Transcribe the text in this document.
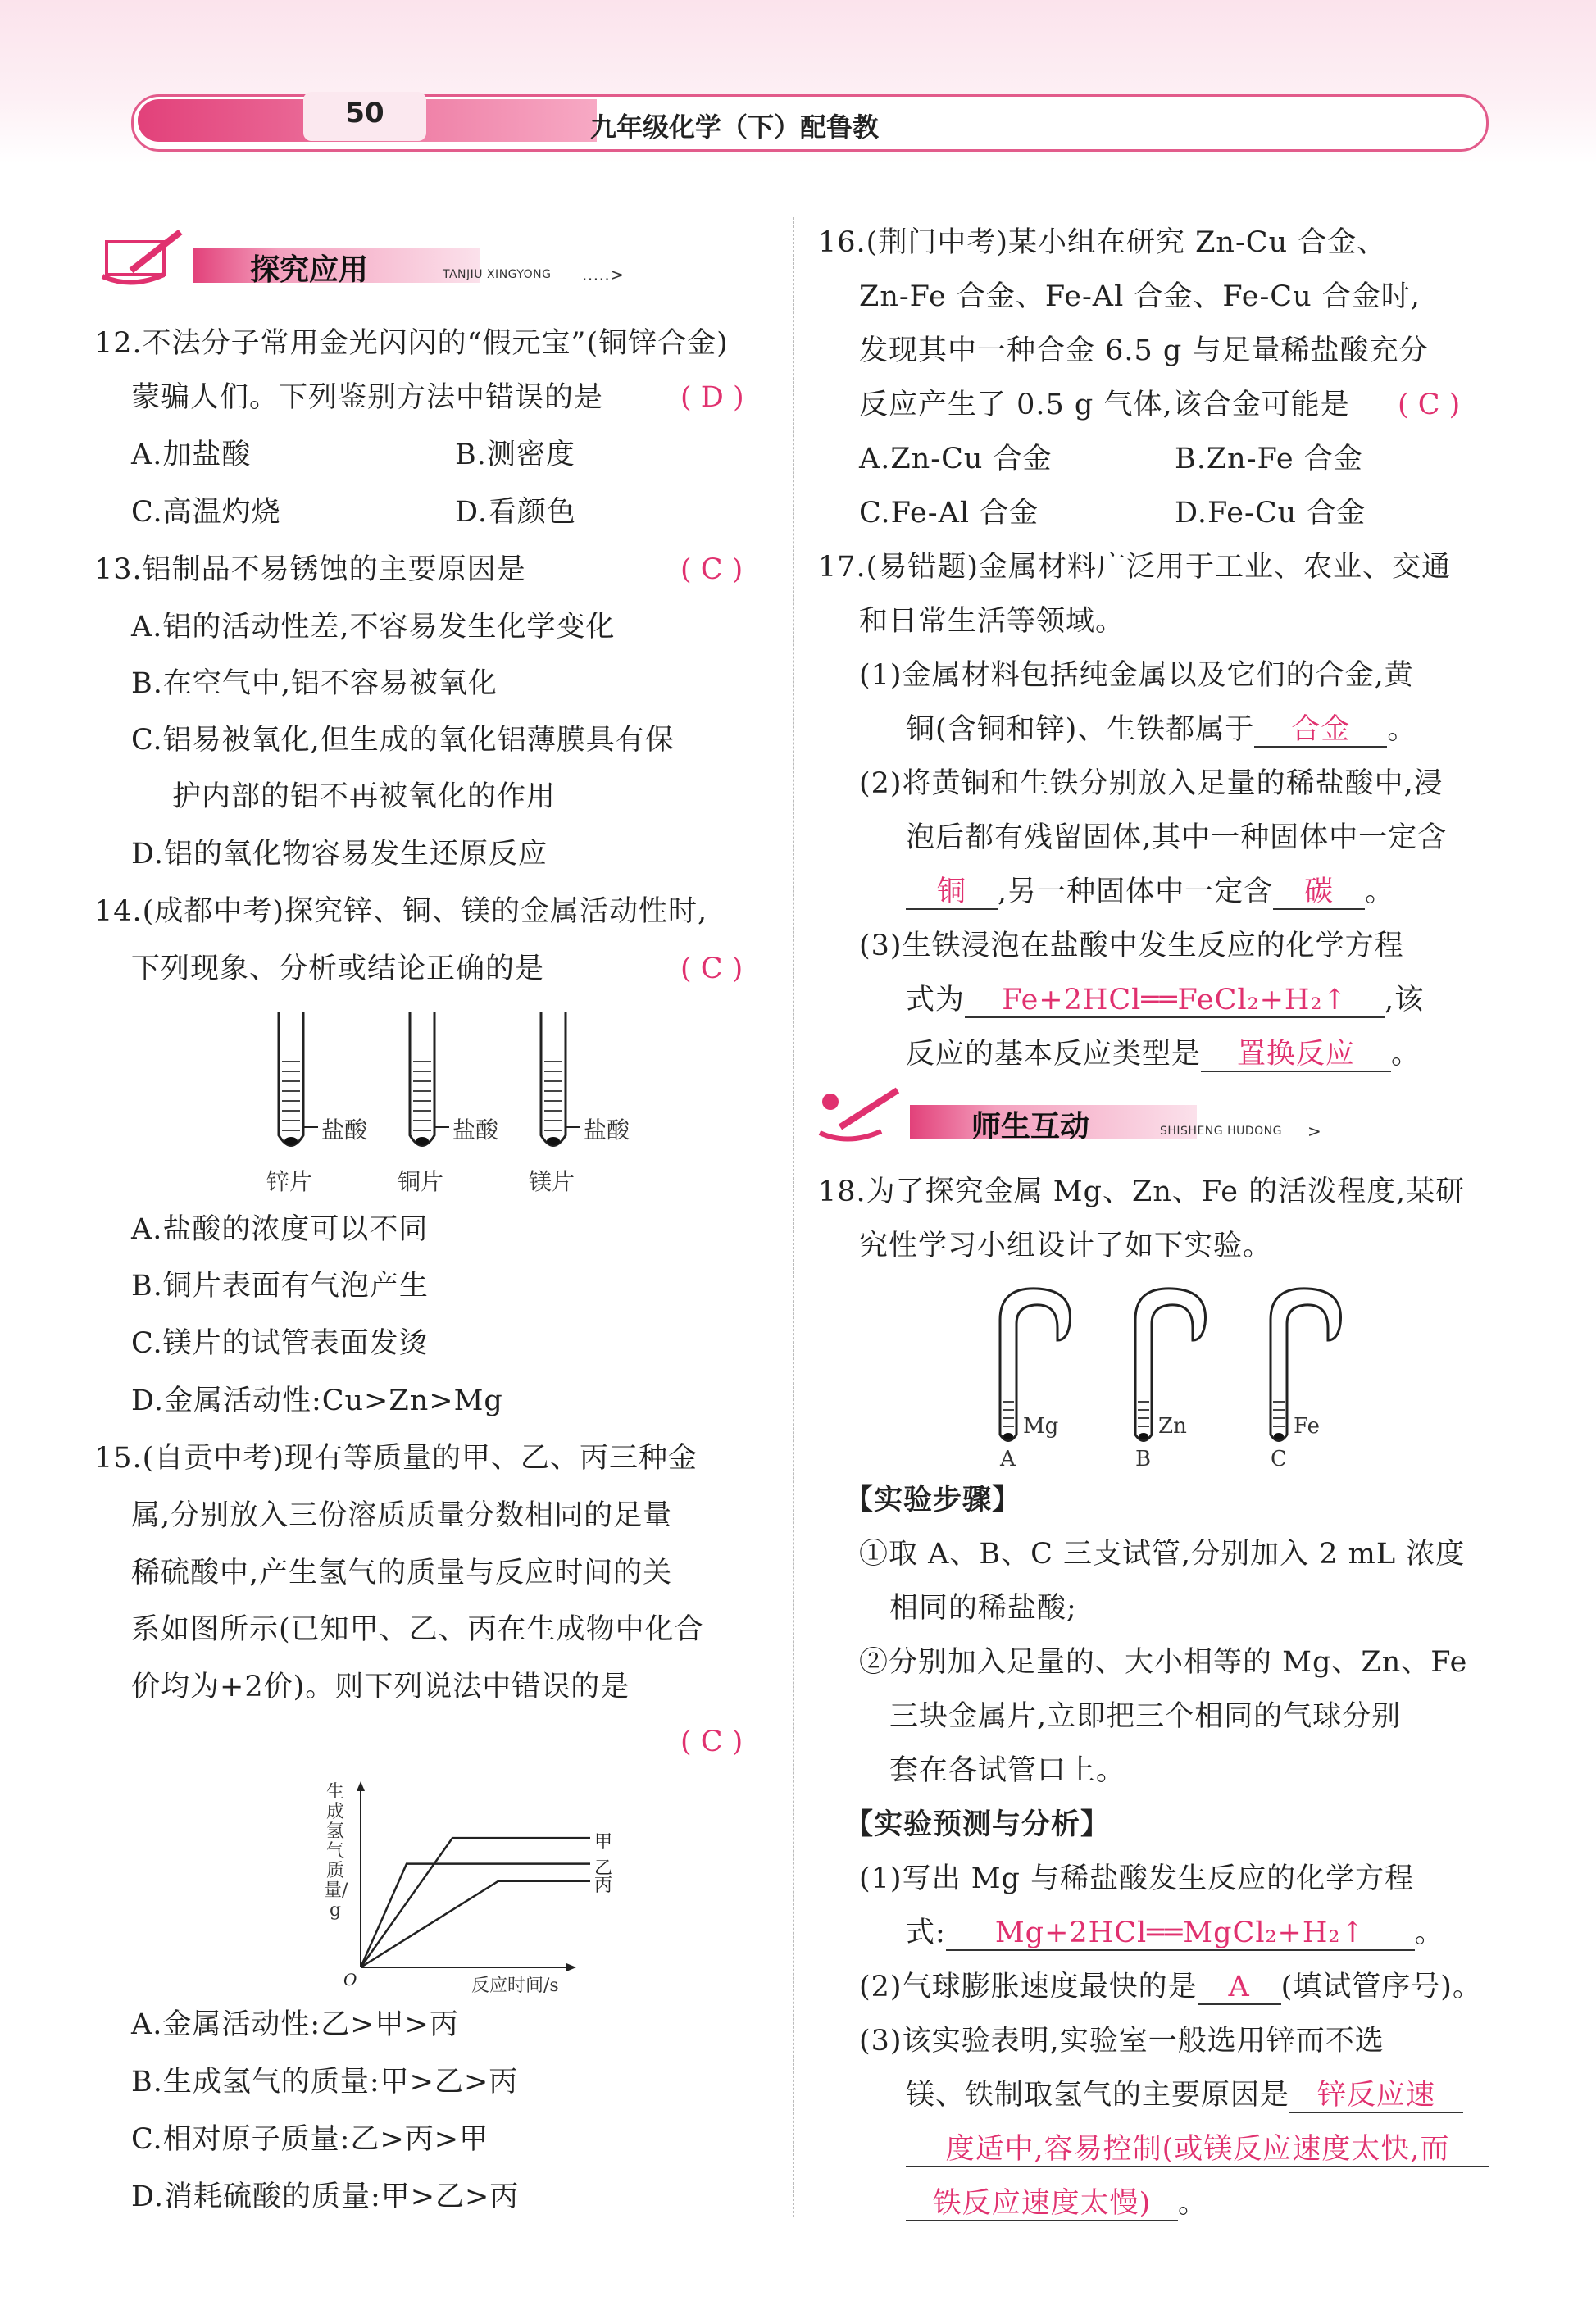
50	九年级化学（下）配鲁教
探究应用	TANJIU XINGYONG .....>
12.不法分子常用金光闪闪的“假元宝”(铜锌合金)
蒙骗人们。下列鉴别方法中错误的是	( D )
A.加盐酸	B.测密度
C.高温灼烧	D.看颜色
13.铝制品不易锈蚀的主要原因是	( C )
A.铝的活动性差,不容易发生化学变化
B.在空气中,铝不容易被氧化
C.铝易被氧化,但生成的氧化铝薄膜具有保
护内部的铝不再被氧化的作用
D.铝的氧化物容易发生还原反应
14.(成都中考)探究锌、铜、镁的金属活动性时,
下列现象、分析或结论正确的是	( C )
盐酸	盐酸	盐酸
锌片	铜片	镁片
A.盐酸的浓度可以不同
B.铜片表面有气泡产生
C.镁片的试管表面发烫
D.金属活动性:Cu>Zn>Mg
15.(自贡中考)现有等质量的甲、乙、丙三种金
属,分别放入三份溶质质量分数相同的足量
稀硫酸中,产生氢气的质量与反应时间的关
系如图所示(已知甲、乙、丙在生成物中化合
价均为+2价)。则下列说法中错误的是
( C )
生成氢气质量/g
O	反应时间/s
甲
乙
丙
A.金属活动性:乙>甲>丙
B.生成氢气的质量:甲>乙>丙
C.相对原子质量:乙>丙>甲
D.消耗硫酸的质量:甲>乙>丙
16.(荆门中考)某小组在研究 Zn-Cu 合金、
Zn-Fe 合金、Fe-Al 合金、Fe-Cu 合金时,
发现其中一种合金 6.5 g 与足量稀盐酸充分
反应产生了 0.5 g 气体,该合金可能是 ( C )
A.Zn-Cu 合金	B.Zn-Fe 合金
C.Fe-Al 合金	D.Fe-Cu 合金
17.(易错题)金属材料广泛用于工业、农业、交通
和日常生活等领域。
(1)金属材料包括纯金属以及它们的合金,黄
铜(含铜和锌)、生铁都属于 合金 。
(2)将黄铜和生铁分别放入足量的稀盐酸中,浸
泡后都有残留固体,其中一种固体中一定含
铜 ,另一种固体中一定含 碳 。
(3)生铁浸泡在盐酸中发生反应的化学方程
式为 Fe+2HCl══FeCl₂+H₂↑ ,该
反应的基本反应类型是 置换反应 。
师生互动	SHISHENG HUDONG >
18.为了探究金属 Mg、Zn、Fe 的活泼程度,某研
究性学习小组设计了如下实验。
Mg	Zn	Fe
A	B	C
【实验步骤】
①取 A、B、C 三支试管,分别加入 2 mL 浓度
相同的稀盐酸;
②分别加入足量的、大小相等的 Mg、Zn、Fe
三块金属片,立即把三个相同的气球分别
套在各试管口上。
【实验预测与分析】
(1)写出 Mg 与稀盐酸发生反应的化学方程
式: Mg+2HCl══MgCl₂+H₂↑ 。
(2)气球膨胀速度最快的是 A (填试管序号)。
(3)该实验表明,实验室一般选用锌而不选
镁、铁制取氢气的主要原因是 锌反应速
度适中,容易控制(或镁反应速度太快,而
铁反应速度太慢) 。
